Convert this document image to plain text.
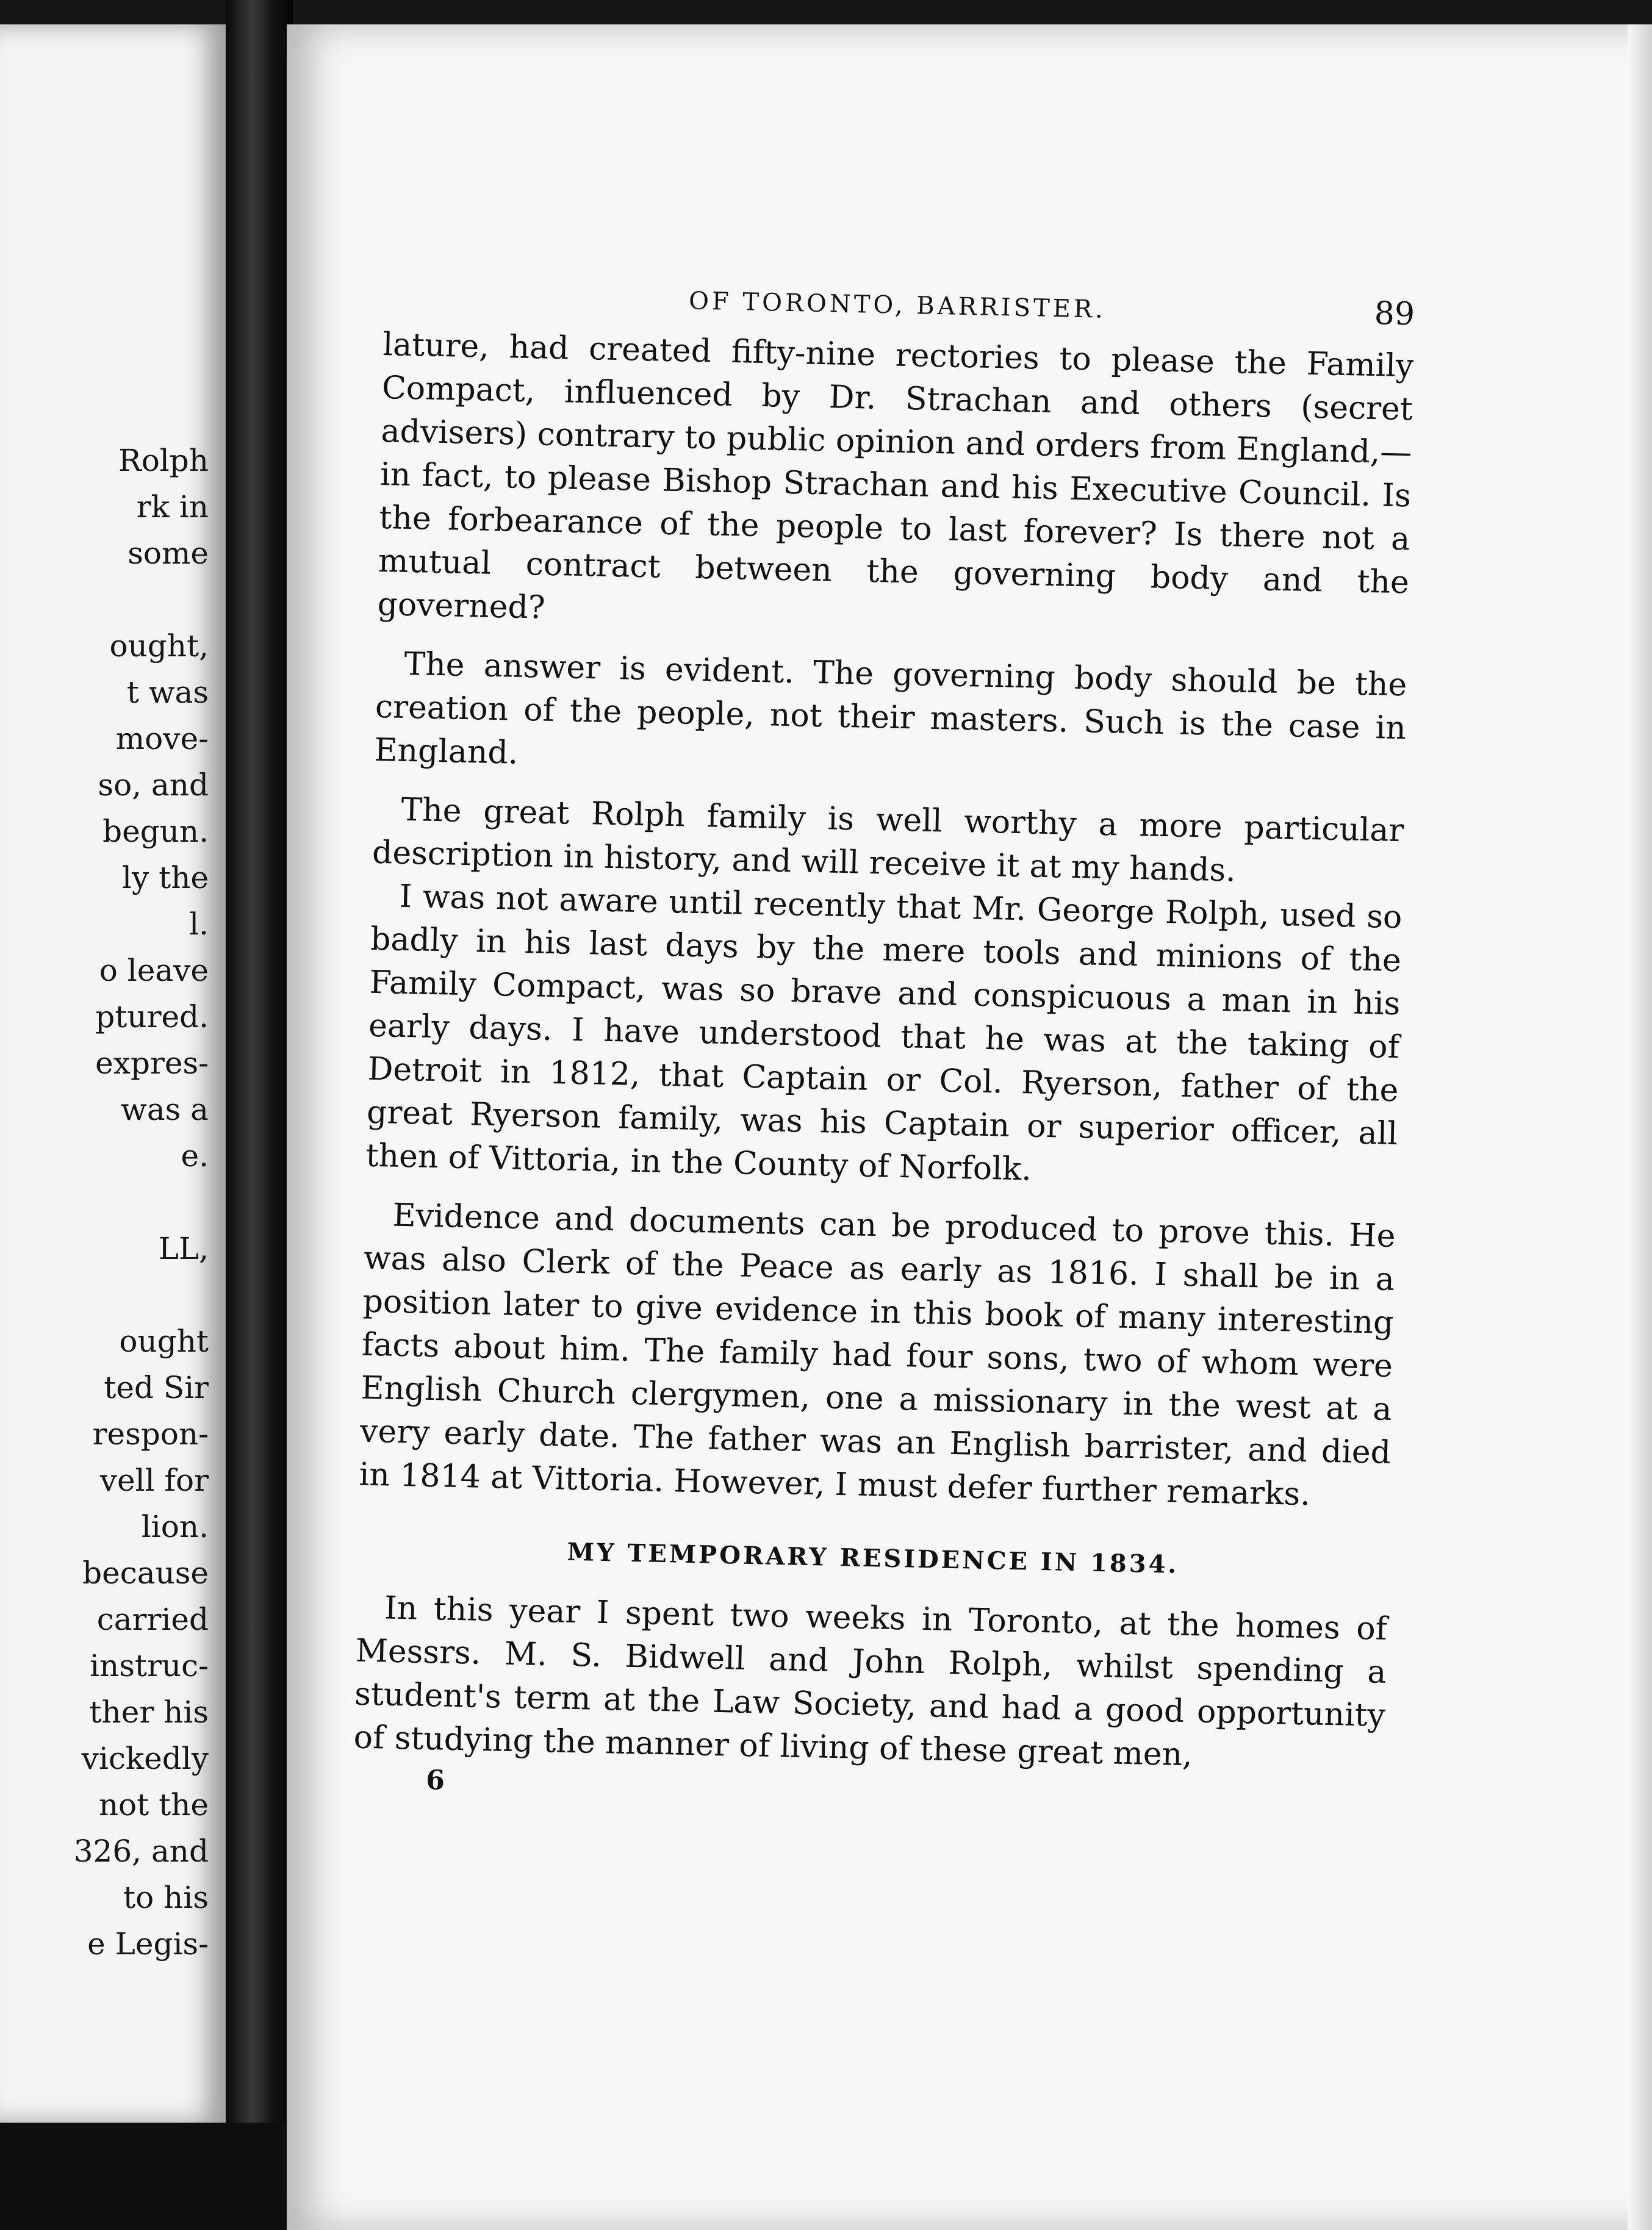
Rolph
rk in
some
ought,
t was
move-
so, and
begun.
ly the
l.
o leave
ptured.
expres-
was a
e.
LL,
ought
ted Sir
respon-
vell for
lion.
because
carried
instruc-
ther his
vickedly
not the
326, and
to his
e Legis-
OF TORONTO, BARRISTER.	89

lature, had created fifty-nine rectories to please the Family Compact, influenced by Dr. Strachan and others (secret advisers) contrary to public opinion and orders from England,—in fact, to please Bishop Strachan and his Executive Council. Is the forbearance of the people to last forever? Is there not a mutual contract between the governing body and the governed?

The answer is evident. The governing body should be the creation of the people, not their masters. Such is the case in England.

The great Rolph family is well worthy a more particular description in history, and will receive it at my hands.

I was not aware until recently that Mr. George Rolph, used so badly in his last days by the mere tools and minions of the Family Compact, was so brave and conspicuous a man in his early days. I have understood that he was at the taking of Detroit in 1812, that Captain or Col. Ryerson, father of the great Ryerson family, was his Captain or superior officer, all then of Vittoria, in the County of Norfolk.

Evidence and documents can be produced to prove this. He was also Clerk of the Peace as early as 1816. I shall be in a position later to give evidence in this book of many interesting facts about him. The family had four sons, two of whom were English Church clergymen, one a missionary in the west at a very early date. The father was an English barrister, and died in 1814 at Vittoria. However, I must defer further remarks.

MY TEMPORARY RESIDENCE IN 1834.

In this year I spent two weeks in Toronto, at the homes of Messrs. M. S. Bidwell and John Rolph, whilst spending a student's term at the Law Society, and had a good opportunity of studying the manner of living of these great men,

6
